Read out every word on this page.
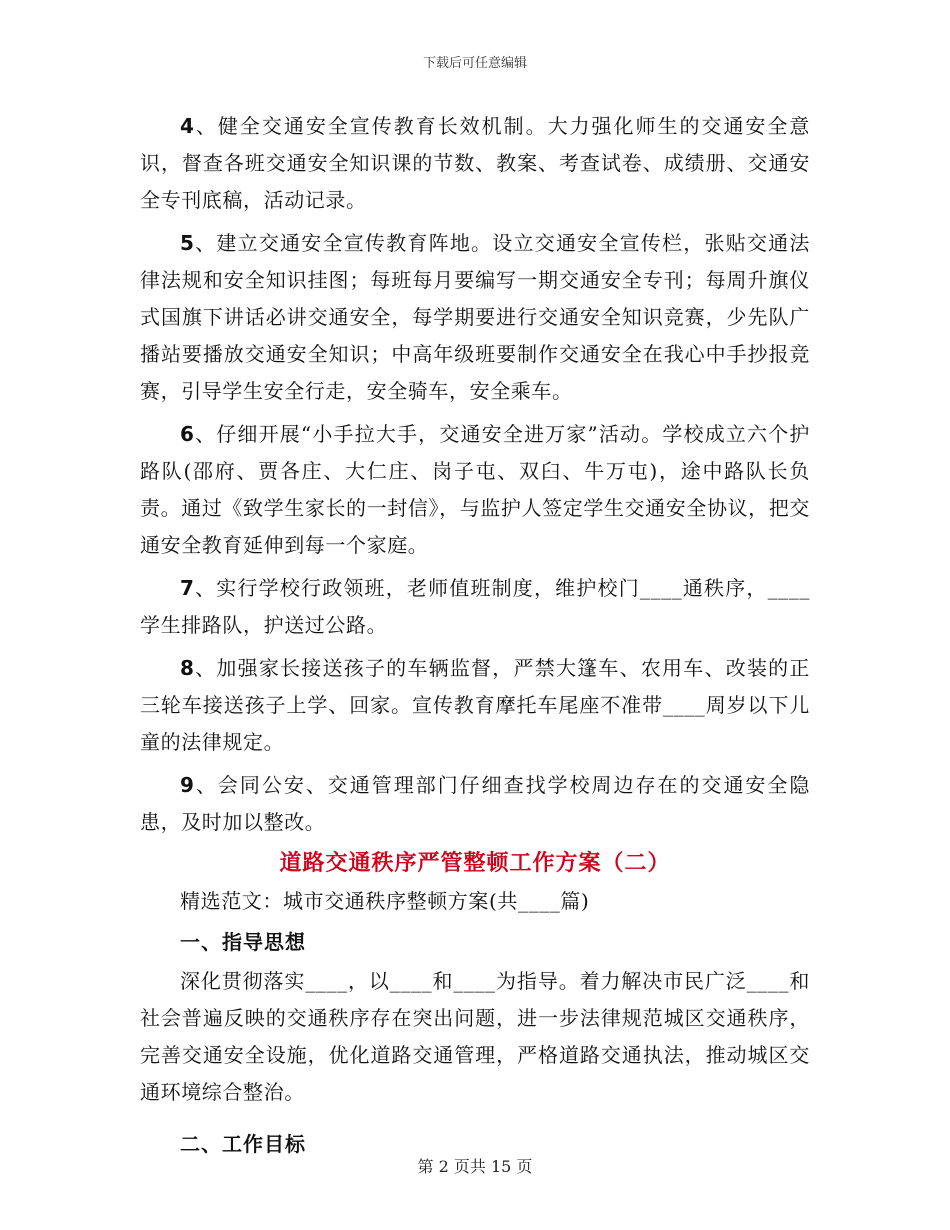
下载后可任意编辑

4、健全交通安全宣传教育长效机制。大力强化师生的交通安全意识，督查各班交通安全知识课的节数、教案、考查试卷、成绩册、交通安全专刊底稿，活动记录。

5、建立交通安全宣传教育阵地。设立交通安全宣传栏，张贴交通法律法规和安全知识挂图；每班每月要编写一期交通安全专刊；每周升旗仪式国旗下讲话必讲交通安全，每学期要进行交通安全知识竞赛，少先队广播站要播放交通安全知识；中高年级班要制作交通安全在我心中手抄报竞赛，引导学生安全行走，安全骑车，安全乘车。

6、仔细开展“小手拉大手，交通安全进万家”活动。学校成立六个护路队(邵府、贾各庄、大仁庄、岗子屯、双臼、牛万屯)，途中路队长负责。通过《致学生家长的一封信》，与监护人签定学生交通安全协议，把交通安全教育延伸到每一个家庭。

7、实行学校行政领班，老师值班制度，维护校门____通秩序，____学生排路队，护送过公路。

8、加强家长接送孩子的车辆监督，严禁大篷车、农用车、改装的正三轮车接送孩子上学、回家。宣传教育摩托车尾座不准带____周岁以下儿童的法律规定。

9、会同公安、交通管理部门仔细查找学校周边存在的交通安全隐患，及时加以整改。

道路交通秩序严管整顿工作方案（二）

精选范文：城市交通秩序整顿方案(共____篇)

一、指导思想

深化贯彻落实____，以____和____为指导。着力解决市民广泛____和社会普遍反映的交通秩序存在突出问题，进一步法律规范城区交通秩序，完善交通安全设施，优化道路交通管理，严格道路交通执法，推动城区交通环境综合整治。

二、工作目标
第 2 页共 15 页
